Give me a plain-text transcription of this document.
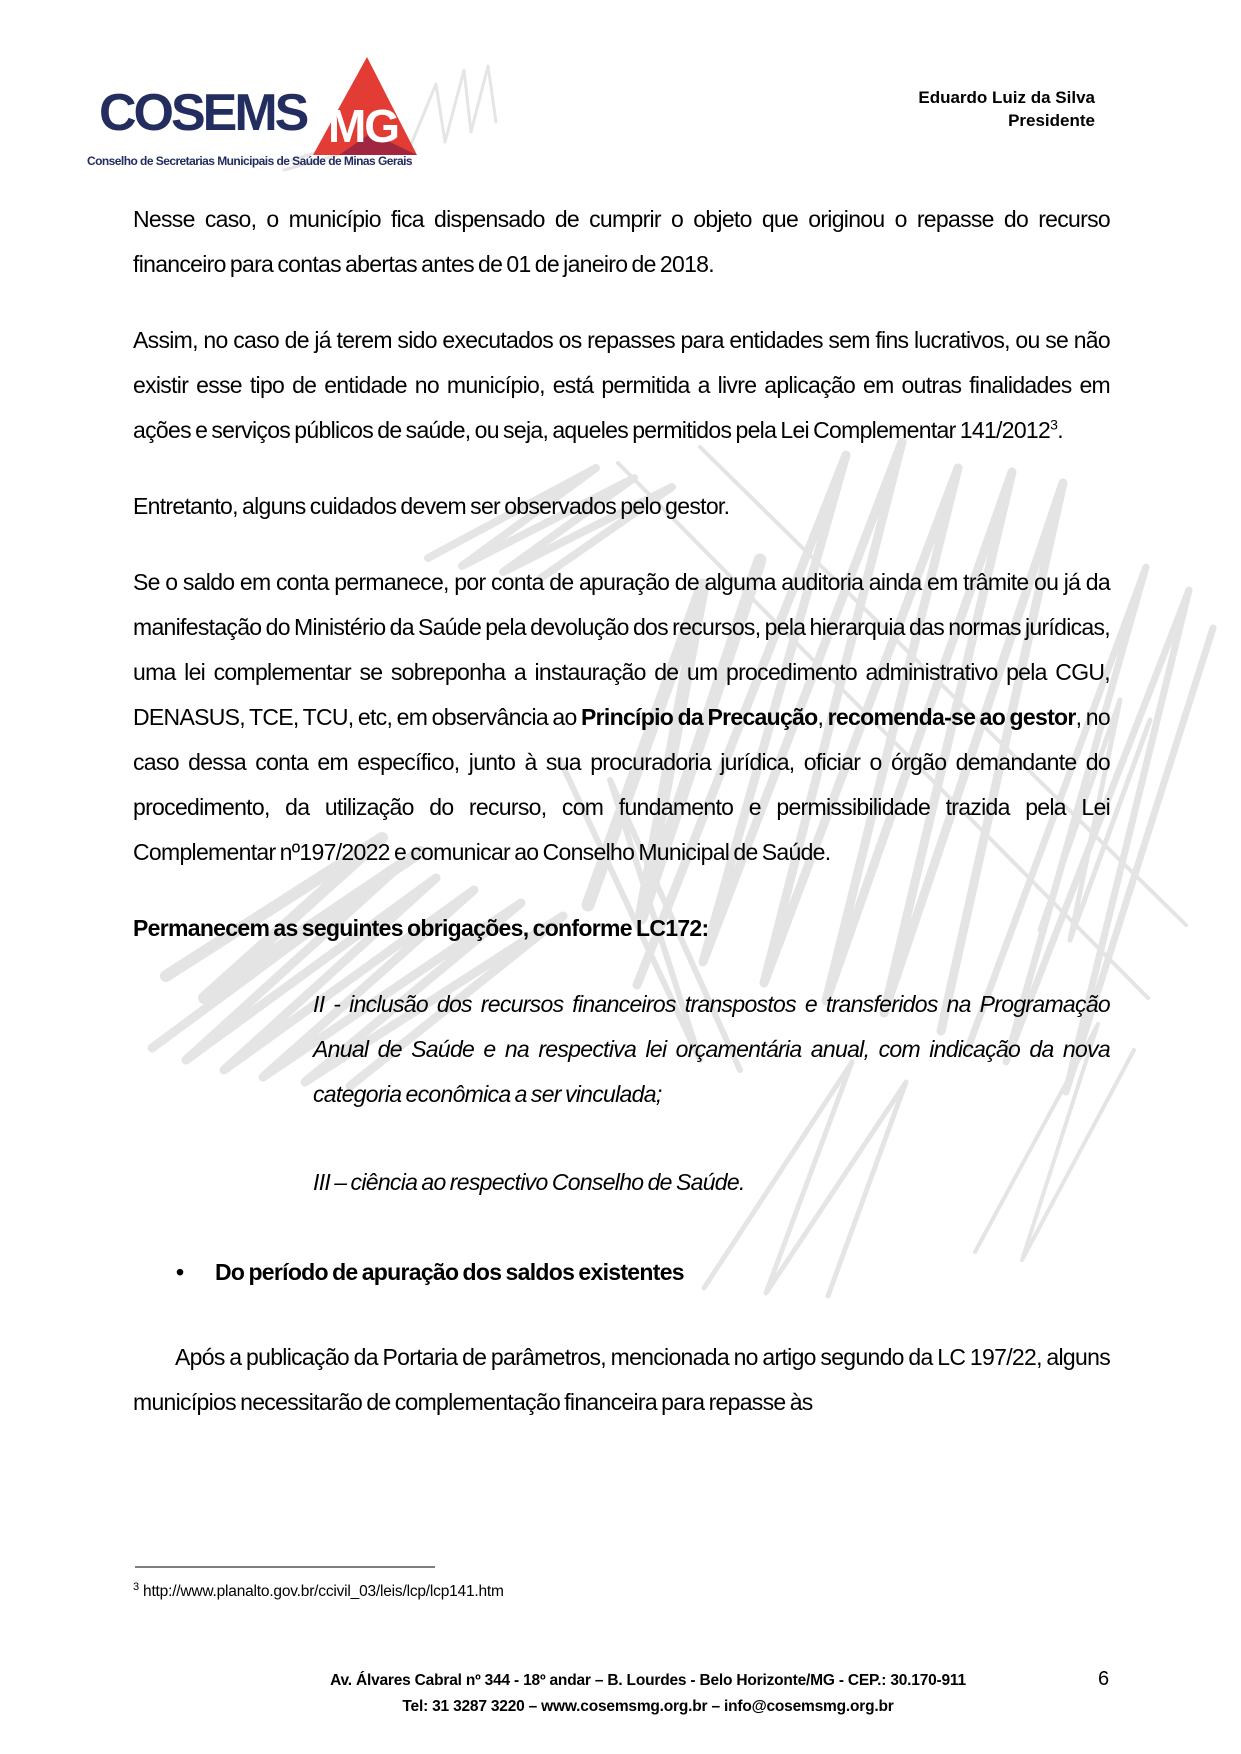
COSEMS MG
Conselho de Secretarias Municipais de Saúde de Minas Gerais
Eduardo Luiz da Silva
Presidente

Nesse caso, o município fica dispensado de cumprir o objeto que originou o repasse do recurso financeiro para contas abertas antes de 01 de janeiro de 2018.

Assim, no caso de já terem sido executados os repasses para entidades sem fins lucrativos, ou se não existir esse tipo de entidade no município, está permitida a livre aplicação em outras finalidades em ações e serviços públicos de saúde, ou seja, aqueles permitidos pela Lei Complementar 141/2012$^3$.

Entretanto, alguns cuidados devem ser observados pelo gestor.

Se o saldo em conta permanece, por conta de apuração de alguma auditoria ainda em trâmite ou já da manifestação do Ministério da Saúde pela devolução dos recursos, pela hierarquia das normas jurídicas, uma lei complementar se sobreponha a instauração de um procedimento administrativo pela CGU, DENASUS, TCE, TCU, etc, em observância ao Princípio da Precaução, recomenda-se ao gestor, no caso dessa conta em específico, junto à sua procuradoria jurídica, oficiar o órgão demandante do procedimento, da utilização do recurso, com fundamento e permissibilidade trazida pela Lei Complementar nº197/2022 e comunicar ao Conselho Municipal de Saúde.

Permanecem as seguintes obrigações, conforme LC172:

II - inclusão dos recursos financeiros transpostos e transferidos na Programação Anual de Saúde e na respectiva lei orçamentária anual, com indicação da nova categoria econômica a ser vinculada;

III – ciência ao respectivo Conselho de Saúde.

• Do período de apuração dos saldos existentes

Após a publicação da Portaria de parâmetros, mencionada no artigo segundo da LC 197/22, alguns municípios necessitarão de complementação financeira para repasse às

$^3$ http://www.planalto.gov.br/ccivil_03/leis/lcp/lcp141.htm
Av. Álvares Cabral nº 344 - 18º andar – B. Lourdes - Belo Horizonte/MG - CEP.: 30.170-911
Tel: 31 3287 3220 – www.cosemsmg.org.br – info@cosemsmg.org.br
6
